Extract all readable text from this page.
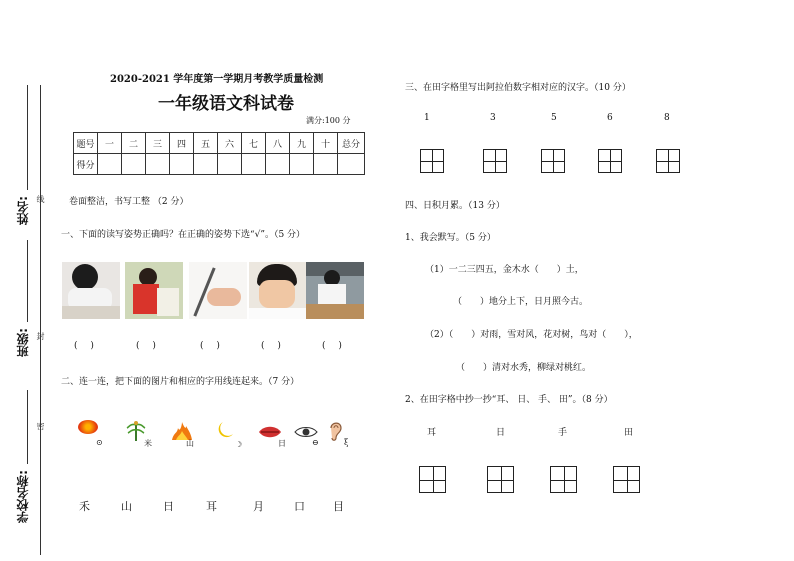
姓名:
班级:
学校名称:
线
封
密
2020-2021 学年度第一学期月考教学质量检测
一年级语文科试卷
满分:100 分
题号	一	二	三	四	五	六	七	八	九	十	总分
得分											
卷面整洁，书写工整 （2 分）
一、下面的读写姿势正确吗？在正确的姿势下选“√”。（5 分）
( )	( )	( )	( )	( )
二、连一连，把下面的图片和相应的字用线连起来。（7 分）
⊙	米	山	☽	日	⊖	ξ
禾	山	日	耳	月	口	目
三、在田字格里写出阿拉伯数字相对应的汉字。（10 分）
1	3	5	6	8
四、日积月累。（13 分）
1、我会默写。（5 分）
（1）一二三四五，金木水（　　）土，
（　　）地分上下，日月照今古。
（2）（　　）对雨，雪对风，花对树，鸟对（　　），
（　　）清对水秀，柳绿对桃红。
2、在田字格中抄一抄“耳、 日、 手、 田”。（8 分）
耳	日	手	田
